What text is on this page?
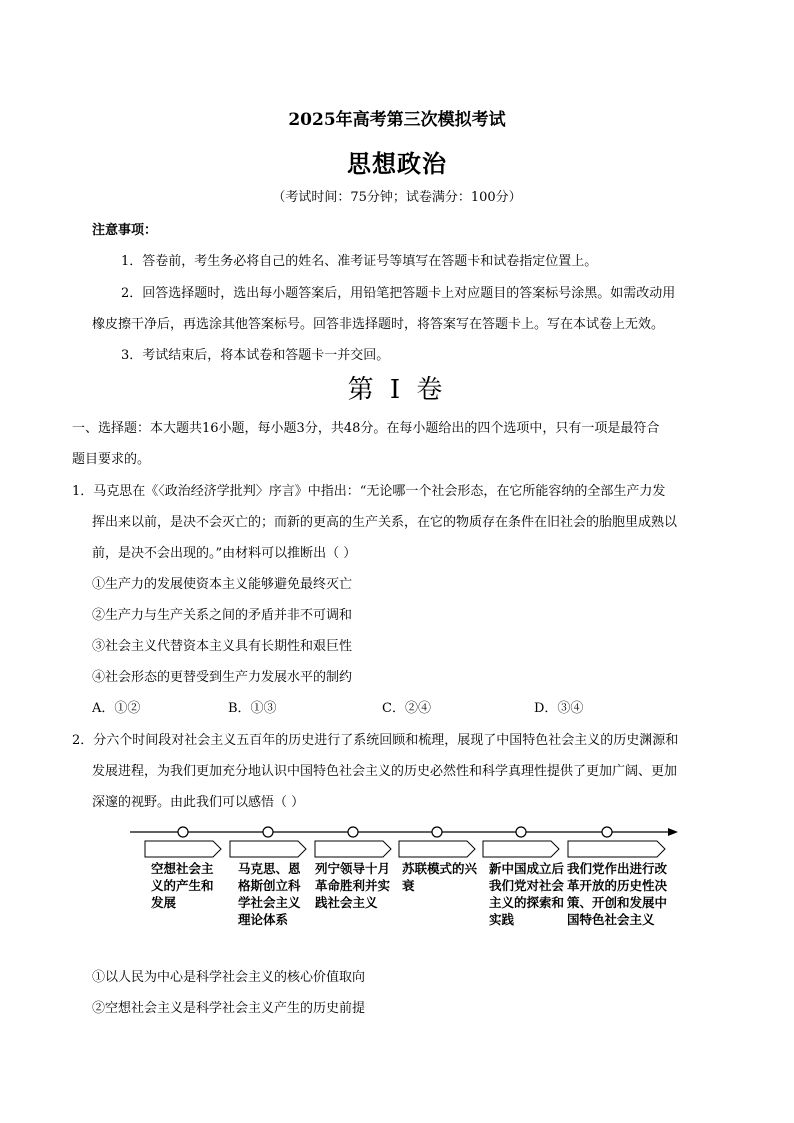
2025年高考第三次模拟考试
思想政治
（考试时间：75分钟；试卷满分：100分）
注意事项：
1．答卷前，考生务必将自己的姓名、准考证号等填写在答题卡和试卷指定位置上。
2．回答选择题时，选出每小题答案后，用铅笔把答题卡上对应题目的答案标号涂黑。如需改动用
橡皮擦干净后，再选涂其他答案标号。回答非选择题时，将答案写在答题卡上。写在本试卷上无效。
3．考试结束后，将本试卷和答题卡一并交回。
第 I 卷
一、选择题：本大题共16小题，每小题3分，共48分。在每小题给出的四个选项中，只有一项是最符合
题目要求的。
1．马克思在《〈政治经济学批判〉序言》中指出：“无论哪一个社会形态，在它所能容纳的全部生产力发
挥出来以前，是决不会灭亡的；而新的更高的生产关系，在它的物质存在条件在旧社会的胎胞里成熟以
前，是决不会出现的。”由材料可以推断出（ ）
①生产力的发展使资本主义能够避免最终灭亡
②生产力与生产关系之间的矛盾并非不可调和
③社会主义代替资本主义具有长期性和艰巨性
④社会形态的更替受到生产力发展水平的制约
A．①②	B．①③	C．②④	D．③④
2．分六个时间段对社会主义五百年的历史进行了系统回顾和梳理，展现了中国特色社会主义的历史渊源和
发展进程，为我们更加充分地认识中国特色社会主义的历史必然性和科学真理性提供了更加广阔、更加
深邃的视野。由此我们可以感悟（ ）
空想社会主义的产生和发展
马克思、恩格斯创立科学社会主义理论体系
列宁领导十月革命胜利并实践社会主义
苏联模式的兴衰
新中国成立后我们党对社会主义的探索和实践
我们党作出进行改革开放的历史性决策、开创和发展中国特色社会主义
①以人民为中心是科学社会主义的核心价值取向
②空想社会主义是科学社会主义产生的历史前提
